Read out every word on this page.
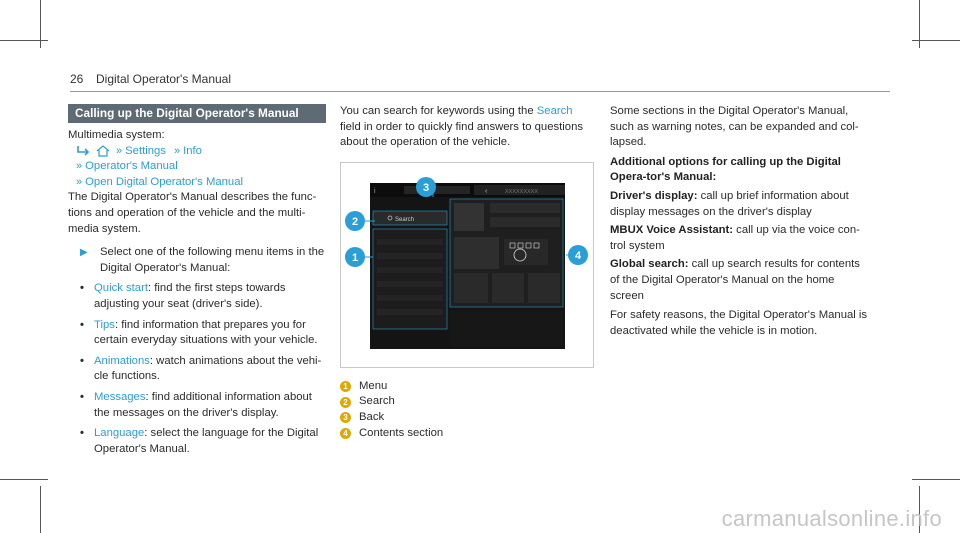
26 Digital Operator's Manual
Calling up the Digital Operator's Manual

Multimedia system:

» Settings » Info
» Operator's Manual
» Open Digital Operator's Manual

The Digital Operator's Manual describes the func-tions and operation of the vehicle and the multi-media system.

▶	Select one of the following menu items in the Digital Operator's Manual:
• Quick start: find the first steps towards adjusting your seat (driver's side).
• Tips: find information that prepares you for certain everyday situations with your vehicle.
• Animations: watch animations about the vehi-cle functions.
• Messages: find additional information about the messages on the driver's display.
• Language: select the language for the Digital Operator's Manual.

You can search for keywords using the Search field in order to quickly find answers to questions about the operation of the vehicle.

i	XXXXXXXXX
‹
Search
1
2
3
4
1 Menu
2 Search
3 Back
4 Contents section

Some sections in the Digital Operator's Manual, such as warning notes, can be expanded and col-lapsed.

Additional options for calling up the Digital Opera-tor's Manual:

Driver's display: call up brief information about display messages on the driver's display

MBUX Voice Assistant: call up via the voice con-trol system

Global search: call up search results for contents of the Digital Operator's Manual on the home screen

For safety reasons, the Digital Operator's Manual is deactivated while the vehicle is in motion.

carmanualsonline.info
